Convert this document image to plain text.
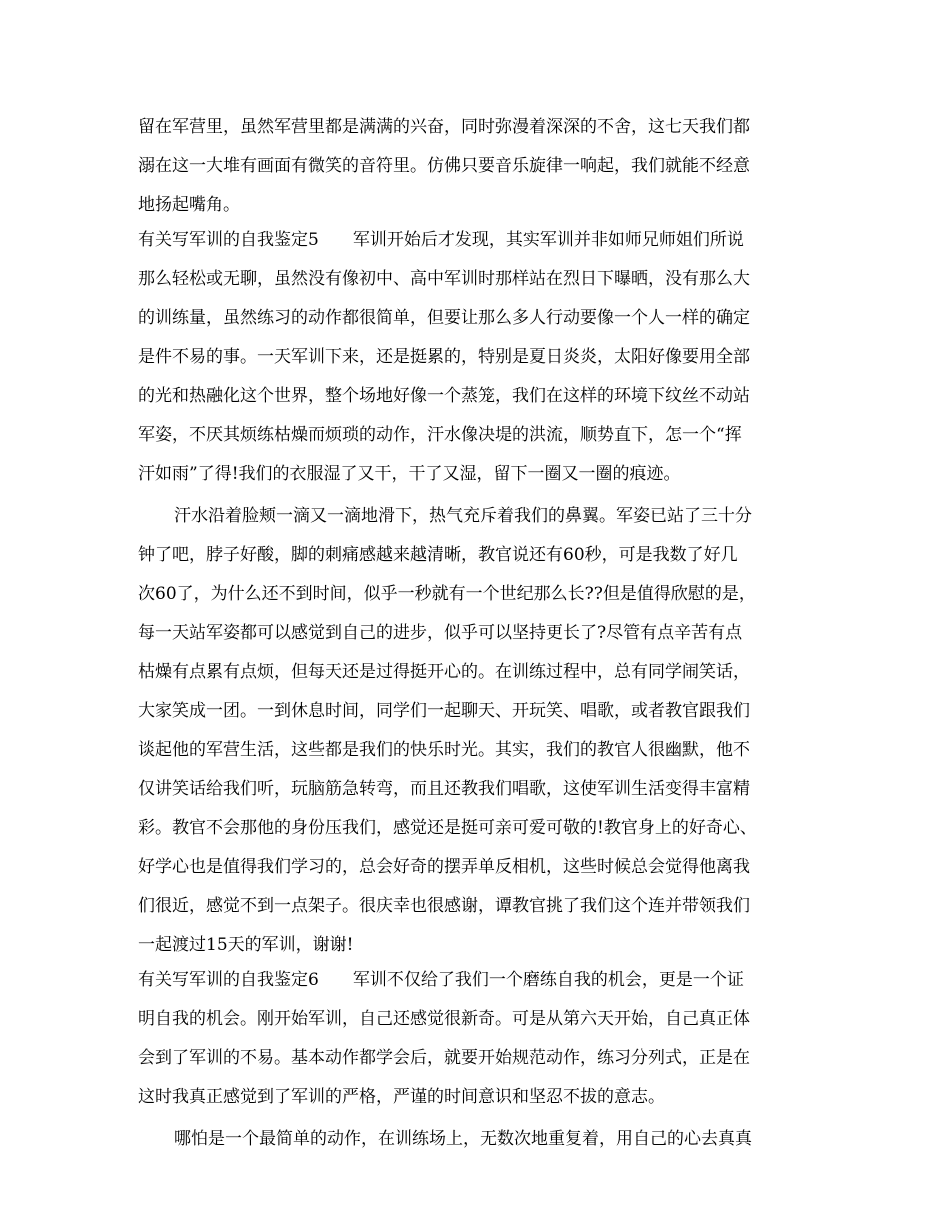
留在军营里，虽然军营里都是满满的兴奋，同时弥漫着深深的不舍，这七天我们都
溺在这一大堆有画面有微笑的音符里。仿佛只要音乐旋律一响起，我们就能不经意
地扬起嘴角。
有关写军训的自我鉴定5　　军训开始后才发现，其实军训并非如师兄师姐们所说
那么轻松或无聊，虽然没有像初中、高中军训时那样站在烈日下曝晒，没有那么大
的训练量，虽然练习的动作都很简单，但要让那么多人行动要像一个人一样的确定
是件不易的事。一天军训下来，还是挺累的，特别是夏日炎炎，太阳好像要用全部
的光和热融化这个世界，整个场地好像一个蒸笼，我们在这样的环境下纹丝不动站
军姿，不厌其烦练枯燥而烦琐的动作，汗水像决堤的洪流，顺势直下，怎一个“挥
汗如雨”了得!我们的衣服湿了又干，干了又湿，留下一圈又一圈的痕迹。
汗水沿着脸颊一滴又一滴地滑下，热气充斥着我们的鼻翼。军姿已站了三十分
钟了吧，脖子好酸，脚的刺痛感越来越清晰，教官说还有60秒，可是我数了好几
次60了，为什么还不到时间，似乎一秒就有一个世纪那么长??但是值得欣慰的是，
每一天站军姿都可以感觉到自己的进步，似乎可以坚持更长了?尽管有点辛苦有点
枯燥有点累有点烦，但每天还是过得挺开心的。在训练过程中，总有同学闹笑话，
大家笑成一团。一到休息时间，同学们一起聊天、开玩笑、唱歌，或者教官跟我们
谈起他的军营生活，这些都是我们的快乐时光。其实，我们的教官人很幽默，他不
仅讲笑话给我们听，玩脑筋急转弯，而且还教我们唱歌，这使军训生活变得丰富精
彩。教官不会那他的身份压我们，感觉还是挺可亲可爱可敬的!教官身上的好奇心、
好学心也是值得我们学习的，总会好奇的摆弄单反相机，这些时候总会觉得他离我
们很近，感觉不到一点架子。很庆幸也很感谢，谭教官挑了我们这个连并带领我们
一起渡过15天的军训，谢谢!
有关写军训的自我鉴定6　　军训不仅给了我们一个磨练自我的机会，更是一个证
明自我的机会。刚开始军训，自己还感觉很新奇。可是从第六天开始，自己真正体
会到了军训的不易。基本动作都学会后，就要开始规范动作，练习分列式，正是在
这时我真正感觉到了军训的严格，严谨的时间意识和坚忍不拔的意志。
哪怕是一个最简单的动作，在训练场上，无数次地重复着，用自己的心去真真
